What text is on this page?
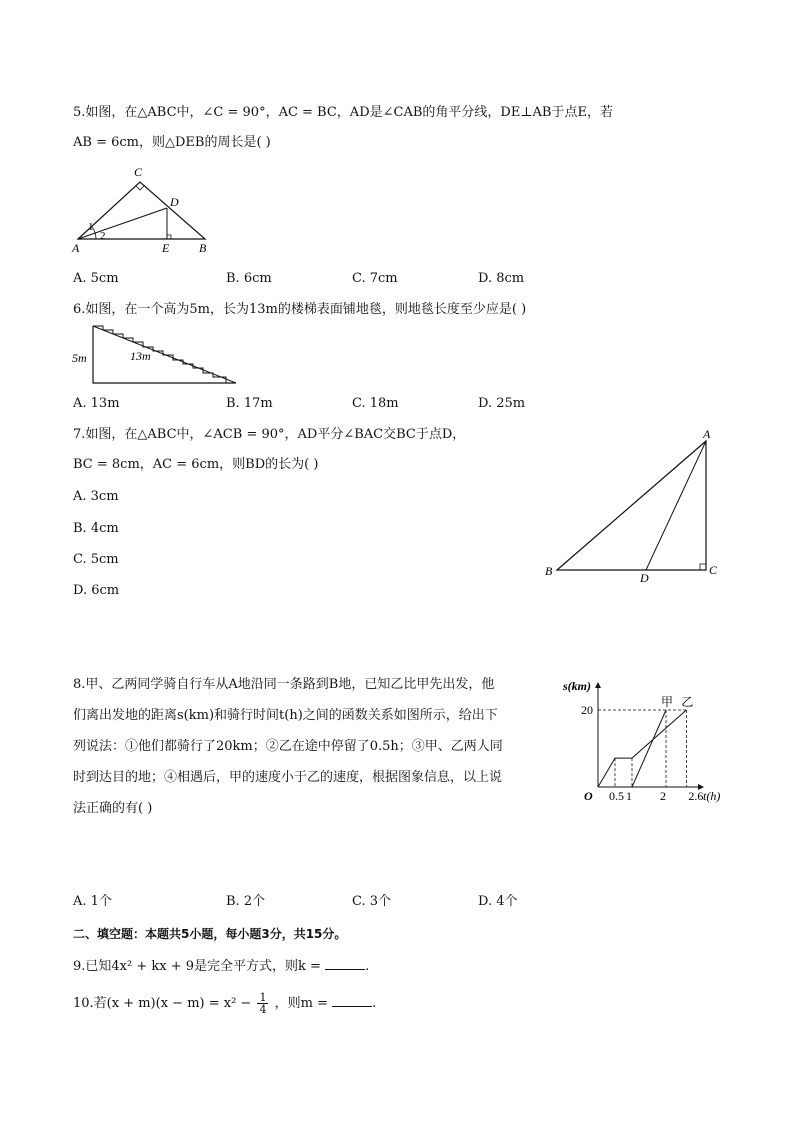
5.如图，在△ABC中，∠C = 90°，AC = BC，AD是∠CAB的角平分线，DE⊥AB于点E，若
AB = 6cm，则△DEB的周长是( )
1
2
C
D
A	E B
A. 5cm	B. 6cm	C. 7cm	D. 8cm
6.如图，在一个高为5m，长为13m的楼梯表面铺地毯，则地毯长度至少应是( )
5m	13m
A. 13m	B. 17m	C. 18m	D. 25m
7.如图，在△ABC中，∠ACB = 90°，AD平分∠BAC交BC于点D，
BC = 8cm，AC = 6cm，则BD的长为( )
A. 3cm
B. 4cm
C. 5cm
D. 6cm
A
B	D
C
8.甲、乙两同学骑自行车从A地沿同一条路到B地，已知乙比甲先出发，他
们离出发地的距离s(km)和骑行时间t(h)之间的函数关系如图所示，给出下
列说法：①他们都骑行了20km；②乙在途中停留了0.5h；③甲、乙两人同
时到达目的地；④相遇后，甲的速度小于乙的速度，根据图象信息，以上说
法正确的有( )
甲 乙
0.5 1 2 2.6
20
O	t(h)
s(km)
A. 1个	B. 2个	C. 3个	D. 4个
二、填空题：本题共5小题，每小题3分，共15分。
9.已知4x² + kx + 9是完全平方式，则k =	.
10.若$(x + m)(x - m) = x^2 - \frac{1}{4}$ ，则m =	.
